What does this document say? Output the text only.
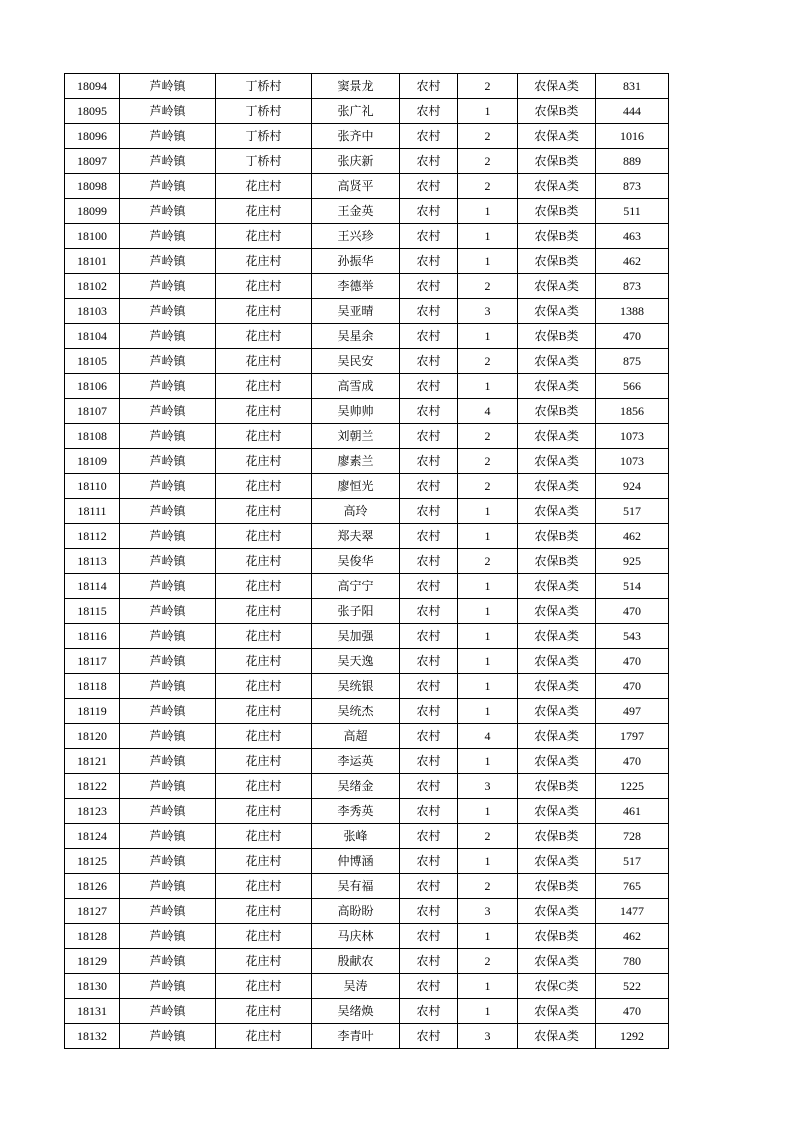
18094	芦岭镇	丁桥村	窦景龙	农村	2	农保A类	831
18095	芦岭镇	丁桥村	张广礼	农村	1	农保B类	444
18096	芦岭镇	丁桥村	张齐中	农村	2	农保A类	1016
18097	芦岭镇	丁桥村	张庆新	农村	2	农保B类	889
18098	芦岭镇	花庄村	高贤平	农村	2	农保A类	873
18099	芦岭镇	花庄村	王金英	农村	1	农保B类	511
18100	芦岭镇	花庄村	王兴珍	农村	1	农保B类	463
18101	芦岭镇	花庄村	孙振华	农村	1	农保B类	462
18102	芦岭镇	花庄村	李德举	农村	2	农保A类	873
18103	芦岭镇	花庄村	吴亚晴	农村	3	农保A类	1388
18104	芦岭镇	花庄村	吴星余	农村	1	农保B类	470
18105	芦岭镇	花庄村	吴民安	农村	2	农保A类	875
18106	芦岭镇	花庄村	高雪成	农村	1	农保A类	566
18107	芦岭镇	花庄村	吴帅帅	农村	4	农保B类	1856
18108	芦岭镇	花庄村	刘朝兰	农村	2	农保A类	1073
18109	芦岭镇	花庄村	廖素兰	农村	2	农保A类	1073
18110	芦岭镇	花庄村	廖恒光	农村	2	农保A类	924
18111	芦岭镇	花庄村	高玲	农村	1	农保A类	517
18112	芦岭镇	花庄村	郑夫翠	农村	1	农保B类	462
18113	芦岭镇	花庄村	吴俊华	农村	2	农保B类	925
18114	芦岭镇	花庄村	高宁宁	农村	1	农保A类	514
18115	芦岭镇	花庄村	张子阳	农村	1	农保A类	470
18116	芦岭镇	花庄村	吴加强	农村	1	农保A类	543
18117	芦岭镇	花庄村	吴天逸	农村	1	农保A类	470
18118	芦岭镇	花庄村	吴统银	农村	1	农保A类	470
18119	芦岭镇	花庄村	吴统杰	农村	1	农保A类	497
18120	芦岭镇	花庄村	高超	农村	4	农保A类	1797
18121	芦岭镇	花庄村	李运英	农村	1	农保A类	470
18122	芦岭镇	花庄村	吴绪金	农村	3	农保B类	1225
18123	芦岭镇	花庄村	李秀英	农村	1	农保A类	461
18124	芦岭镇	花庄村	张峰	农村	2	农保B类	728
18125	芦岭镇	花庄村	仲博涵	农村	1	农保A类	517
18126	芦岭镇	花庄村	吴有福	农村	2	农保B类	765
18127	芦岭镇	花庄村	高盼盼	农村	3	农保A类	1477
18128	芦岭镇	花庄村	马庆林	农村	1	农保B类	462
18129	芦岭镇	花庄村	殷献农	农村	2	农保A类	780
18130	芦岭镇	花庄村	吴涛	农村	1	农保C类	522
18131	芦岭镇	花庄村	吴绪焕	农村	1	农保A类	470
18132	芦岭镇	花庄村	李青叶	农村	3	农保A类	1292
